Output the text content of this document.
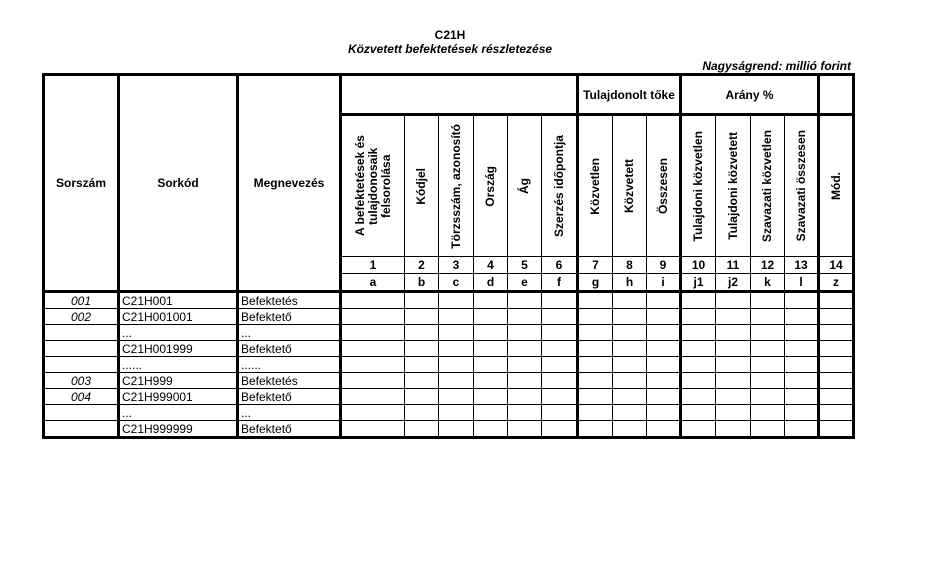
C21H
Közvetett befektetések részletezése
Nagyságrend: millió forint
Sorszám	Sorkód	Megnevezés							Tulajdonolt tőke			Arány %				

			A befektetések és tulajdonosaik felsorolása	Kódjel	Törzsszám, azonosító	Ország	Ág	Szerzés időpontja	Közvetlen	Közvetett	Összesen	Tulajdoni közvetlen	Tulajdoni közvetett	Szavazati közvetlen	Szavazati összesen	Mód.

			1	2	3	4	5	6	7	8	9	10	11	12	13	14
			a	b	c	d	e	f	g	h	i	j1	j2	k	l	z
001	C21H001	Befektetés														
002	C21H001001	Befektető														
	...	...														
	C21H001999	Befektető														
	......	......														
003	C21H999	Befektetés														
004	C21H999001	Befektető														
	...	...														
	C21H999999	Befektető														
